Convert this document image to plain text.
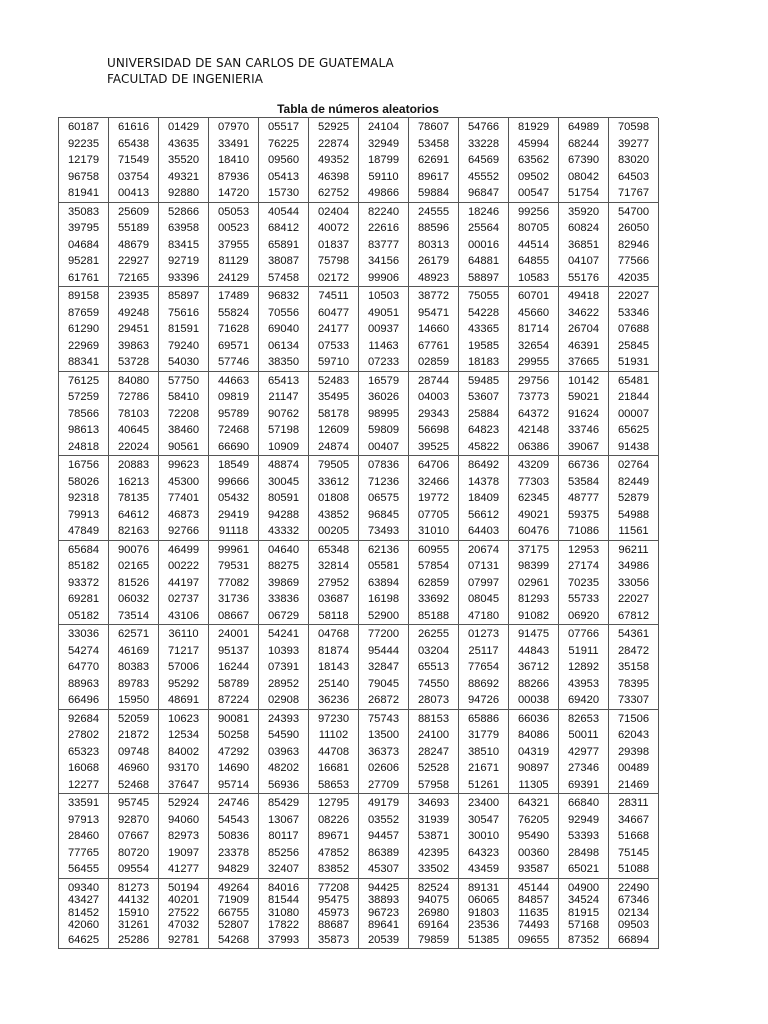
UNIVERSIDAD DE SAN CARLOS DE GUATEMALA
FACULTAD DE INGENIERIA
Tabla de números aleatorios
60187
92235
12179
96758
81941
61616
65438
71549
03754
00413
01429
43635
35520
49321
92880
07970
33491
18410
87936
14720
05517
76225
09560
05413
15730
52925
22874
49352
46398
62752
24104
32949
18799
59110
49866
78607
53458
62691
89617
59884
54766
33228
64569
45552
96847
81929
45994
63562
09502
00547
64989
68244
67390
08042
51754
70598
39277
83020
64503
71767
35083
39795
04684
95281
61761
25609
55189
48679
22927
72165
52866
63958
83415
92719
93396
05053
00523
37955
81129
24129
40544
68412
65891
38087
57458
02404
40072
01837
75798
02172
82240
22616
83777
34156
99906
24555
88596
80313
26179
48923
18246
25564
00016
64881
58897
99256
80705
44514
64855
10583
35920
60824
36851
04107
55176
54700
26050
82946
77566
42035
89158
87659
61290
22969
88341
23935
49248
29451
39863
53728
85897
75616
81591
79240
54030
17489
55824
71628
69571
57746
96832
70556
69040
06134
38350
74511
60477
24177
07533
59710
10503
49051
00937
11463
07233
38772
95471
14660
67761
02859
75055
54228
43365
19585
18183
60701
45660
81714
32654
29955
49418
34622
26704
46391
37665
22027
53346
07688
25845
51931
76125
57259
78566
98613
24818
84080
72786
78103
40645
22024
57750
58410
72208
38460
90561
44663
09819
95789
72468
66690
65413
21147
90762
57198
10909
52483
35495
58178
12609
24874
16579
36026
98995
59809
00407
28744
04003
29343
56698
39525
59485
53607
25884
64823
45822
29756
73773
64372
42148
06386
10142
59021
91624
33746
39067
65481
21844
00007
65625
91438
16756
58026
92318
79913
47849
20883
16213
78135
64612
82163
99623
45300
77401
46873
92766
18549
99666
05432
29419
91118
48874
30045
80591
94288
43332
79505
33612
01808
43852
00205
07836
71236
06575
96845
73493
64706
32466
19772
07705
31010
86492
14378
18409
56612
64403
43209
77303
62345
49021
60476
66736
53584
48777
59375
71086
02764
82449
52879
54988
11561
65684
85182
93372
69281
05182
90076
02165
81526
06032
73514
46499
00222
44197
02737
43106
99961
79531
77082
31736
08667
04640
88275
39869
33836
06729
65348
32814
27952
03687
58118
62136
05581
63894
16198
52900
60955
57854
62859
33692
85188
20674
07131
07997
08045
47180
37175
98399
02961
81293
91082
12953
27174
70235
55733
06920
96211
34986
33056
22027
67812
33036
54274
64770
88963
66496
62571
46169
80383
89783
15950
36110
71217
57006
95292
48691
24001
95137
16244
58789
87224
54241
10393
07391
28952
02908
04768
81874
18143
25140
36236
77200
95444
32847
79045
26872
26255
03204
65513
74550
28073
01273
25117
77654
88692
94726
91475
44843
36712
88266
00038
07766
51911
12892
43953
69420
54361
28472
35158
78395
73307
92684
27802
65323
16068
12277
52059
21872
09748
46960
52468
10623
12534
84002
93170
37647
90081
50258
47292
14690
95714
24393
54590
03963
48202
56936
97230
11102
44708
16681
58653
75743
13500
36373
02606
27709
88153
24100
28247
52528
57958
65886
31779
38510
21671
51261
66036
84086
04319
90897
11305
82653
50011
42977
27346
69391
71506
62043
29398
00489
21469
33591
97913
28460
77765
56455
95745
92870
07667
80720
09554
52924
94060
82973
19097
41277
24746
54543
50836
23378
94829
85429
13067
80117
85256
32407
12795
08226
89671
47852
83852
49179
03552
94457
86389
45307
34693
31939
53871
42395
33502
23400
30547
30010
64323
43459
64321
76205
95490
00360
93587
66840
92949
53393
28498
65021
28311
34667
51668
75145
51088
09340
43427
81452
42060
64625
81273
44132
15910
31261
25286
50194
40201
27522
47032
92781
49264
71909
66755
52807
54268
84016
81544
31080
17822
37993
77208
95475
45973
88687
35873
94425
38893
96723
89641
20539
82524
94075
26980
69164
79859
89131
06065
91803
23536
51385
45144
84857
11635
74493
09655
04900
34524
81915
57168
87352
22490
67346
02134
09503
66894
